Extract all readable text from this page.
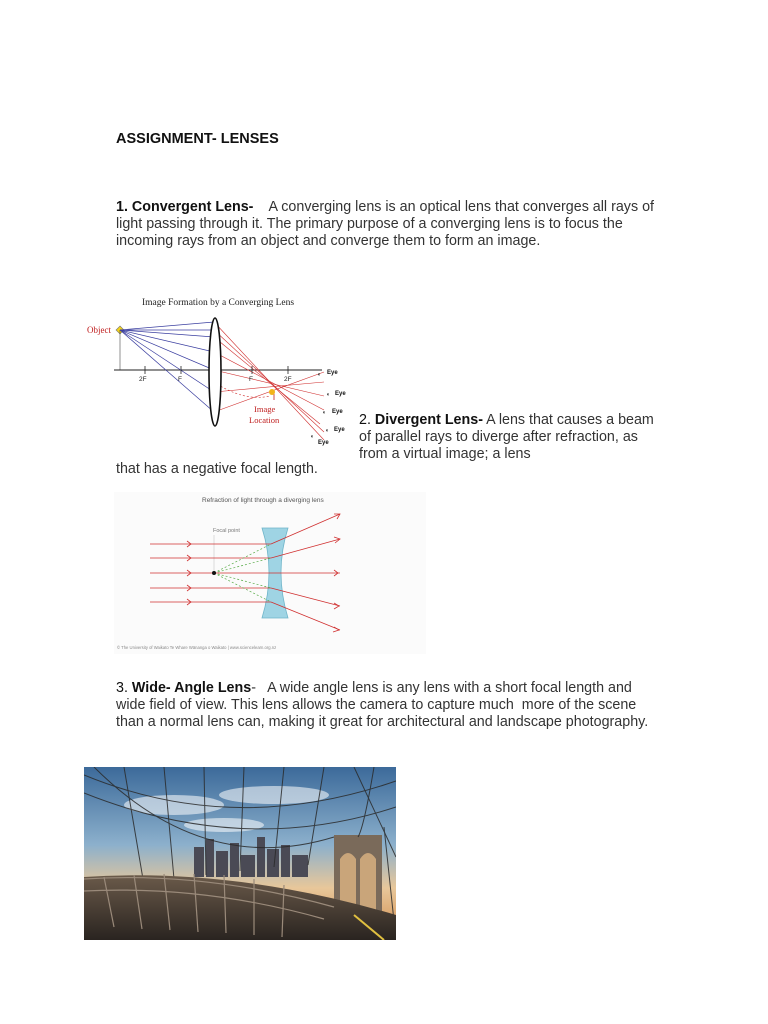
ASSIGNMENT- LENSES

1. Convergent Lens-    A converging lens is an optical lens that converges all rays of light passing through it. The primary purpose of a converging lens is to focus the incoming rays from an object and converge them to form an image.

Image Formation by a Converging Lens
Object
2F	F	F	2F
Image
Location
◖ Eye
◖ Eye
◖ Eye
◖ Eye
◖
Eye

2. Divergent Lens- A lens that causes a beam of parallel rays to diverge after refraction, as from a virtual image; a lens

that has a negative focal length.

Refraction of light through a diverging lens
Focal point
© The University of Waikato Te Whare Wānanga o Waikato | www.sciencelearn.org.nz

3. Wide- Angle Lens-   A wide angle lens is any lens with a short focal length and wide field of view. This lens allows the camera to capture much  more of the scene than a normal lens can, making it great for architectural and landscape photography.
